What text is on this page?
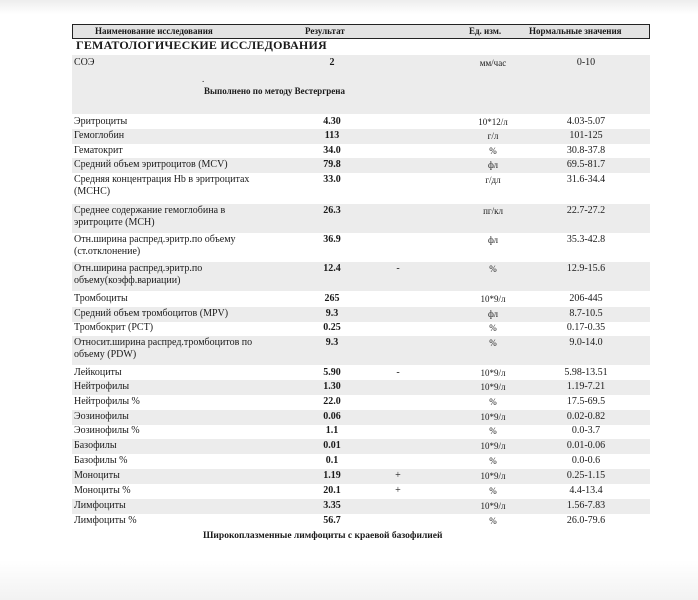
Наименование исследования	Результат	Ед. изм.	Нормальные значения
ГЕМАТОЛОГИЧЕСКИЕ ИССЛЕДОВАНИЯ
СОЭ	2	мм/час	0-10
.
Выполнено по методу Вестергрена
Эритроциты	4.30	10*12/л	4.03-5.07
Гемоглобин	113	г/л	101-125
Гематокрит	34.0	%	30.8-37.8
Средний объем эритроцитов (MCV)	79.8	фл	69.5-81.7
Средняя концентрация Hb в эритроцитах (MCHC)
33.0	г/дл	31.6-34.4
Среднее содержание гемоглобина в эритроците (MCH)
26.3	пг/кл	22.7-27.2
Отн.ширина распред.эритр.по объему (ст.отклонение)
36.9	фл	35.3-42.8
Отн.ширина распред.эритр.по объему(коэфф.вариации)
12.4	-	%	12.9-15.6
Тромбоциты	265	10*9/л	206-445
Средний объем тромбоцитов (MPV)	9.3	фл	8.7-10.5
Тромбокрит (PCT)	0.25	%	0.17-0.35
Относит.ширина распред.тромбоцитов по объему (PDW)
9.3	%	9.0-14.0
Лейкоциты	5.90	-	10*9/л	5.98-13.51
Нейтрофилы	1.30	10*9/л	1.19-7.21
Нейтрофилы %	22.0	%	17.5-69.5
Эозинофилы	0.06	10*9/л	0.02-0.82
Эозинофилы %	1.1	%	0.0-3.7
Базофилы	0.01	10*9/л	0.01-0.06
Базофилы %	0.1	%	0.0-0.6
Моноциты	1.19	+	10*9/л	0.25-1.15
Моноциты %	20.1	+	%	4.4-13.4
Лимфоциты	3.35	10*9/л	1.56-7.83
Лимфоциты %	56.7	%	26.0-79.6
Широкоплазменные лимфоциты с краевой базофилией
